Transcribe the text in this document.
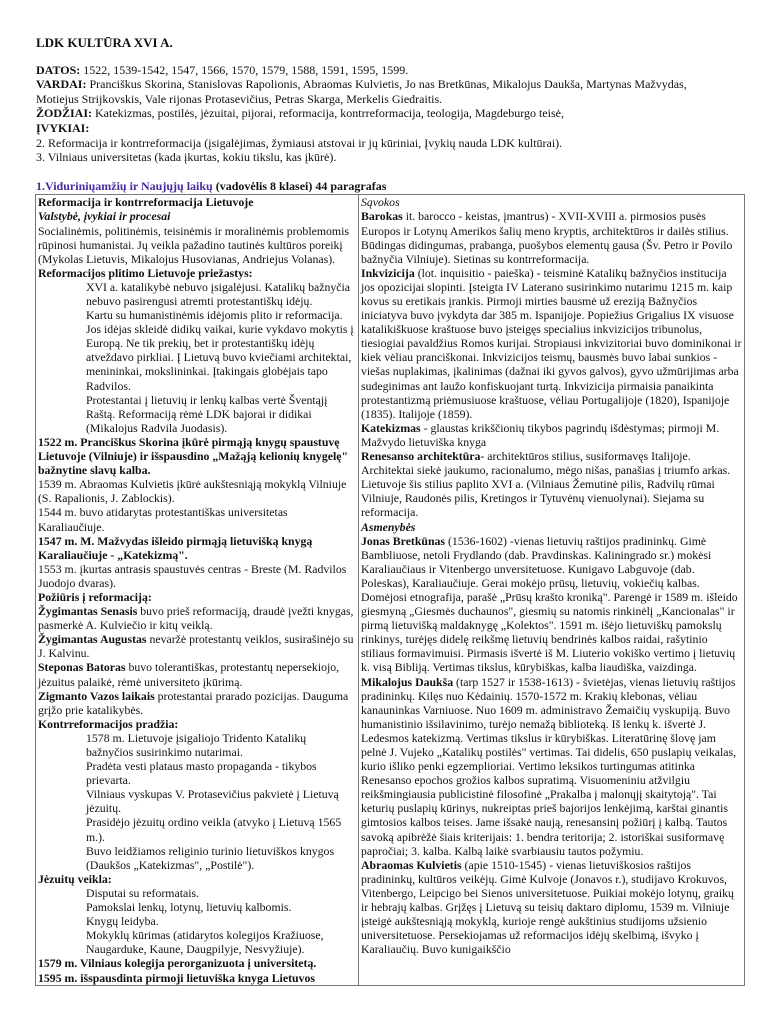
LDK KULTŪRA XVI A.

DATOS: 1522, 1539-1542, 1547, 1566, 1570, 1579, 1588, 1591, 1595, 1599.

VARDAI: Pranciškus Skorina, Stanislovas Rapolionis, Abraomas Kulvietis, Jo nas Bretkūnas, Mikalojus Daukša, Martynas Mažvydas, Motiejus Strijkovskis, Vale rijonas Protasevičius, Petras Skarga, Merkelis Giedraitis.

ŽODŽIAI: Katekizmas, postilės, jėzuitai, pijorai, reformacija, kontrreformacija, teologija, Magdeburgo teisė,

ĮVYKIAI:

2. Reformacija ir kontrreformacija (įsigalėjimas, žymiausi atstovai ir jų kūriniai, Įvykių nauda LDK kultūrai).

3. Vilniaus universitetas (kada įkurtas, kokiu tikslu, kas įkūrė).

1.Viduriniųamžių ir Naujųjų laikų (vadovėlis 8 klasei) 44 paragrafas

Reformacija ir kontrreformacija Lietuvoje
Valstybė, įvykiai ir procesai
Socialinėmis, politinėmis, teisinėmis ir moralinėmis problemomis rūpinosi humanistai. Jų veikla pažadino tautinės kultūros poreikį (Mykolas Lietuvis, Mikalojus Husovianas, Andriejus Volanas).
Reformacijos plitimo Lietuvoje priežastys:
XVI a. katalikybė nebuvo įsigalėjusi. Katalikų bažnyčia nebuvo pasirengusi atremti protestantiškų idėjų.
Kartu su humanistinėmis idėjomis plito ir reformacija. Jos idėjas skleidė didikų vaikai, kurie vykdavo mokytis į Europą. Ne tik prekių, bet ir protestantiškų idėjų atveždavo pirkliai. Į Lietuvą buvo kviečiami architektai, menininkai, mokslininkai. Įtakingais globėjais tapo Radvilos.
Protestantai į lietuvių ir lenkų kalbas vertė Šventąjį Raštą. Reformaciją rėmė LDK bajorai ir didikai (Mikalojus Radvila Juodasis).
1522 m. Pranciškus Skorina įkūrė pirmąją knygų spaustuvę Lietuvoje (Vilniuje) ir išspausdino „Mažąją kelionių knygelę" bažnytine slavų kalba.
1539 m. Abraomas Kulvietis įkūrė aukštesniąją mokyklą Vilniuje (S. Rapalionis, J. Zablockis).
1544 m. buvo atidarytas protestantiškas universitetas Karaliaučiuje.
1547 m. M. Mažvydas išleido pirmąją lietuvišką knygą Karaliaučiuje - „Katekizmą".
1553 m. įkurtas antrasis spaustuvės centras - Breste (M. Radvilos Juodojo dvaras).
Požiūris į reformaciją:
Žygimantas Senasis buvo prieš reformaciją, draudė įvežti knygas, pasmerkė A. Kulviečio ir kitų veiklą.
Žygimantas Augustas nevaržė protestantų veiklos, susirašinėjo su J. Kalvinu.
Steponas Batoras buvo tolerantiškas, protestantų nepersekiojo, jėzuitus palaikė, rėmė universiteto įkūrimą.
Zigmanto Vazos laikais protestantai prarado pozicijas. Dauguma grįžo prie katalikybės.
Kontrreformacijos pradžia:
1578 m. Lietuvoje įsigaliojo Tridento Katalikų bažnyčios susirinkimo nutarimai.
Pradėta vesti plataus masto propaganda - tikybos prievarta.
Vilniaus vyskupas V. Protasevičius pakvietė į Lietuvą jėzuitų.
Prasidėjo jėzuitų ordino veikla (atvyko į Lietuvą 1565 m.).
Buvo leidžiamos religinio turinio lietuviškos knygos (Daukšos „Katekizmas", „Postilė").
Jėzuitų veikla:
Disputai su reformatais.
Pamokslai lenkų, lotynų, lietuvių kalbomis.
Knygų leidyba.
Mokyklų kūrimas (atidarytos kolegijos Kražiuose, Naugarduke, Kaune, Daugpilyje, Nesvyžiuje).
1579 m. Vilniaus kolegija perorganizuota į universitetą.
1595 m. išspausdinta pirmoji lietuviška knyga Lietuvos

Sąvokos
Barokas it. barocco - keistas, įmantrus) - XVII-XVIII a. pirmosios pusės Europos ir Lotynų Amerikos šalių meno kryptis, architektūros ir dailės stilius. Būdingas didingumas, prabanga, puošybos elementų gausa (Šv. Petro ir Povilo bažnyčia Vilniuje). Sietinas su kontrreformacija.
Inkvizicija (lot. inquisitio - paieška) - teisminė Katalikų bažnyčios institucija jos opozicijai slopinti. Įsteigta IV Laterano susirinkimo nutarimu 1215 m. kaip kovus su eretikais įrankis. Pirmoji mirties bausmė už ereziją Bažnyčios iniciatyva buvo įvykdyta dar 385 m. Ispanijoje. Popiežius Grigalius IX visuose katalikiškuose kraštuose buvo įsteigęs specialius inkvizicijos tribunolus, tiesiogiai pavaldžius Romos kurijai. Stropiausi inkvizitoriai buvo dominikonai ir kiek vėliau pranciškonai. Inkvizicijos teismų, bausmės buvo labai sunkios - viešas nuplakimas, įkalinimas (dažnai iki gyvos galvos), gyvo užmūrijimas arba sudeginimas ant laužo konfiskuojant turtą. Inkvizicija pirmaisia panaikinta protestantizmą priėmusiuose kraštuose, vėliau Portugalijoje (1820), Ispanijoje (1835). Italijoje (1859).
Katekizmas - glaustas krikščionių tikybos pagrindų išdėstymas; pirmoji M. Mažvydo lietuviška knyga
Renesanso architektūra- architektūros stilius, susiformavęs Italijoje. Architektai siekė jaukumo, racionalumo, mėgo nišas, panašias į triumfo arkas. Lietuvoje šis stilius paplito XVI a. (Vilniaus Žemutinė pilis, Radvilų rūmai Vilniuje, Raudonės pilis, Kretingos ir Tytuvėnų vienuolynai). Siejama su reformacija.
Asmenybės
Jonas Bretkūnas (1536-1602) -vienas lietuvių raštijos pradininkų. Gimė Bambliuose, netoli Frydlando (dab. Pravdinskas. Kaliningrado sr.) mokėsi Karaliaučiaus ir Vitenbergo unversitetuose. Kunigavo Labguvoje (dab. Poleskas), Karaliaučiuje. Gerai mokėjo prūsų, lietuvių, vokiečių kalbas. Domėjosi etnografija, parašė „Prūsų krašto kroniką". Parengė ir 1589 m. išleido giesmyną „Giesmės duchaunos", giesmių su natomis rinkinėlį „Kancionalas" ir pirmą lietuvišką maldaknygę „Kolektos". 1591 m. išėjo lietuviškų pamokslų rinkinys, turėjęs didelę reikšmę lietuvių bendrinės kalbos raidai, rašytinio stiliaus formavimuisi. Pirmasis išvertė iš M. Liuterio vokiško vertimo į lietuvių k. visą Bibliją. Vertimas tikslus, kūrybiškas, kalba liaudiška, vaizdinga.
Mikalojus Daukša (tarp 1527 ir 1538-1613) - švietėjas, vienas lietuvių raštijos pradininkų. Kilęs nuo Kėdainių. 1570-1572 m. Krakių klebonas, vėliau kanauninkas Varniuose. Nuo 1609 m. administravo Žemaičių vyskupiją. Buvo humanistinio išsilavinimo, turėjo nemažą biblioteką. Iš lenkų k. išvertė J. Ledesmos katekizmą. Vertimas tikslus ir kūrybiškas. Literatūrinę šlovę jam pelnė J. Vujeko „Katalikų postilės" vertimas. Tai didelis, 650 puslapių veikalas, kurio išliko penki egzemplioriai. Vertimo leksikos turtingumas atitinka Renesanso epochos grožios kalbos supratimą. Visuomeniniu atžvilgiu reikšmingiausia publicistinė filosofinė „Prakalba į malonųjį skaitytoją". Tai keturių puslapių kūrinys, nukreiptas prieš bajorijos lenkėjimą, karštai ginantis gimtosios kalbos teises. Jame išsakė naują, renesansinį požiūrį į kalbą. Tautos savoką apibrėžė šiais kriterijais: 1. bendra teritorija; 2. istoriškai susiformavę papročiai; 3. kalba. Kalbą laikė svarbiausiu tautos požymiu.
Abraomas Kulvietis (apie 1510-1545) - vienas lietuviškosios raštijos pradininkų, kultūros veikėjų. Gimė Kulvoje (Jonavos r.), studijavo Krokuvos, Vitenbergo, Leipcigo bei Sienos universitetuose. Puikiai mokėjo lotynų, graikų ir hebrajų kalbas. Grįžęs į Lietuvą su teisių daktaro diplomu, 1539 m. Vilniuje įsteigė aukštesniąją mokyklą, kurioje rengė aukštinius studijoms užsienio universitetuose. Persekiojamas už reformacijos idėjų skelbimą, išvyko į Karaliaučių. Buvo kunigaikščio
